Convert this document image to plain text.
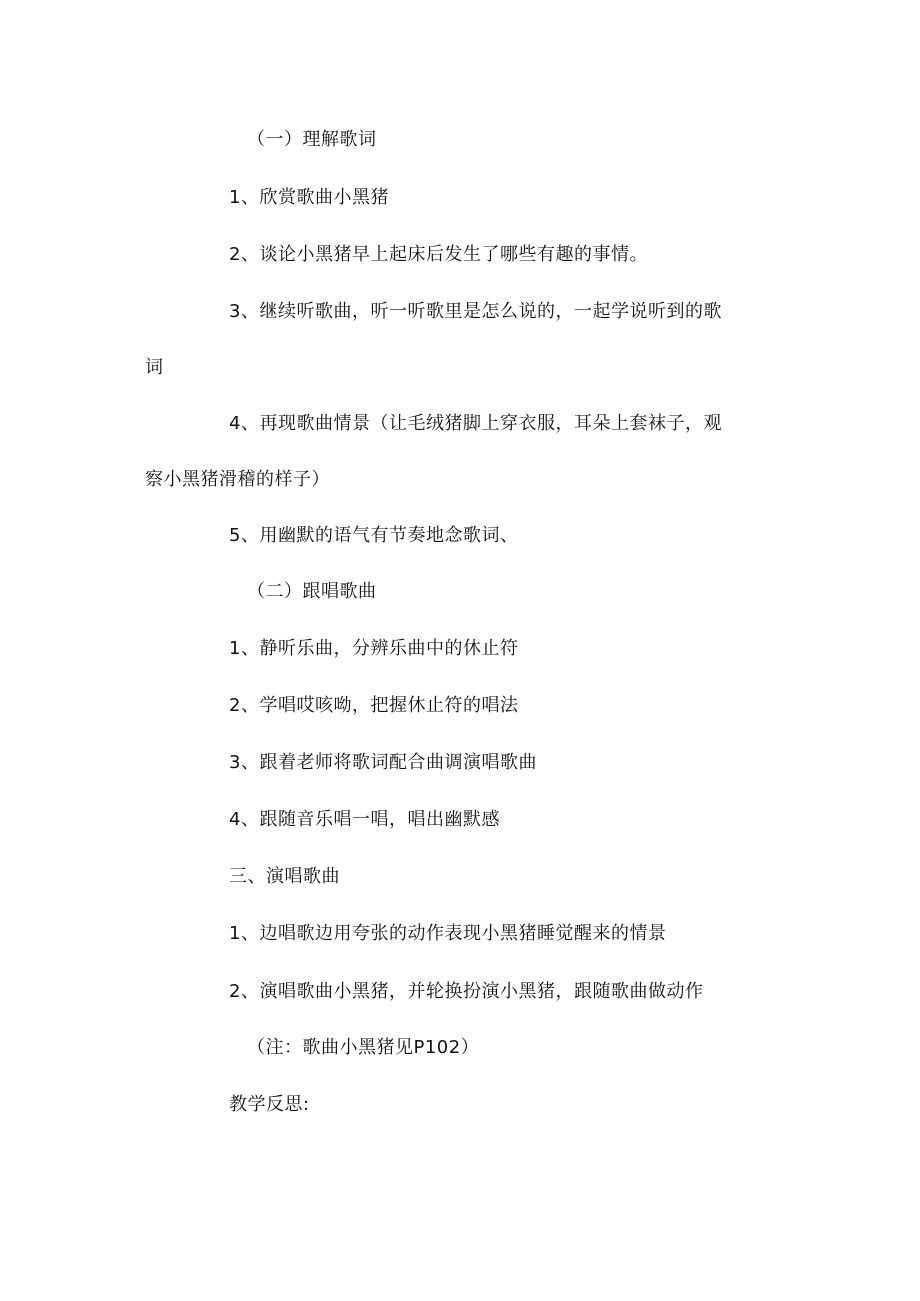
（一）理解歌词
1、欣赏歌曲小黑猪
2、谈论小黑猪早上起床后发生了哪些有趣的事情。
3、继续听歌曲，听一听歌里是怎么说的，一起学说听到的歌
词
4、再现歌曲情景（让毛绒猪脚上穿衣服，耳朵上套袜子，观
察小黑猪滑稽的样子）
5、用幽默的语气有节奏地念歌词、
（二）跟唱歌曲
1、静听乐曲，分辨乐曲中的休止符
2、学唱哎咳呦，把握休止符的唱法
3、跟着老师将歌词配合曲调演唱歌曲
4、跟随音乐唱一唱，唱出幽默感
三、演唱歌曲
1、边唱歌边用夸张的动作表现小黑猪睡觉醒来的情景
2、演唱歌曲小黑猪，并轮换扮演小黑猪，跟随歌曲做动作
（注：歌曲小黑猪见P102）
教学反思:
